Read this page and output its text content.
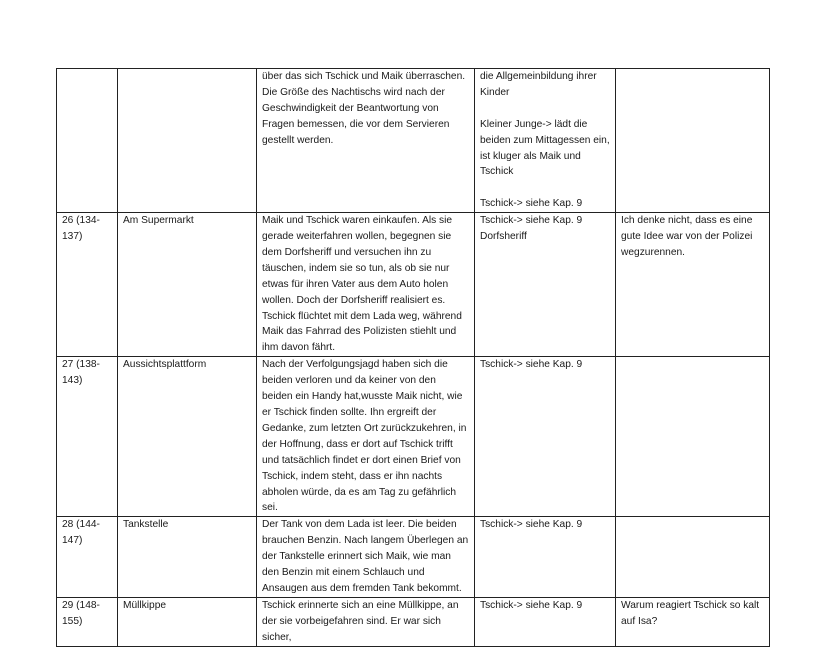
		über das sich Tschick und Maik überraschen. Die Größe des Nachtischs wird nach der Geschwindigkeit der Beantwortung von Fragen bemessen, die vor dem Servieren gestellt werden.	die Allgemeinbildung ihrer Kinder
Kleiner Junge-> lädt die beiden zum Mittagessen ein, ist kluger als Maik und Tschick
Tschick-> siehe Kap. 9	

26 (134-137)	Am Supermarkt	Maik und Tschick waren einkaufen. Als sie gerade weiterfahren wollen, begegnen sie dem Dorfsheriff und versuchen ihn zu täuschen, indem sie so tun, als ob sie nur etwas für ihren Vater aus dem Auto holen wollen. Doch der Dorfsheriff realisiert es. Tschick flüchtet mit dem Lada weg, während Maik das Fahrrad des Polizisten stiehlt und ihm davon fährt.	Tschick-> siehe Kap. 9 Dorfsheriff	Ich denke nicht, dass es eine gute Idee war von der Polizei wegzurennen.
27 (138-143)	Aussichtsplattform	Nach der Verfolgungsjagd haben sich die beiden verloren und da keiner von den beiden ein Handy hat,wusste Maik nicht, wie er Tschick finden sollte. Ihn ergreift der Gedanke, zum letzten Ort zurückzukehren, in der Hoffnung, dass er dort auf Tschick trifft und tatsächlich findet er dort einen Brief von Tschick, indem steht, dass er ihn nachts abholen würde, da es am Tag zu gefährlich sei.	Tschick-> siehe Kap. 9	
28 (144-147)	Tankstelle	Der Tank von dem Lada ist leer. Die beiden brauchen Benzin. Nach langem Überlegen an der Tankstelle erinnert sich Maik, wie man den Benzin mit einem Schlauch und Ansaugen aus dem fremden Tank bekommt.	Tschick-> siehe Kap. 9	
29 (148-155)	Müllkippe	Tschick erinnerte sich an eine Müllkippe, an der sie vorbeigefahren sind. Er war sich sicher,	Tschick-> siehe Kap. 9	Warum reagiert Tschick so kalt auf Isa?
